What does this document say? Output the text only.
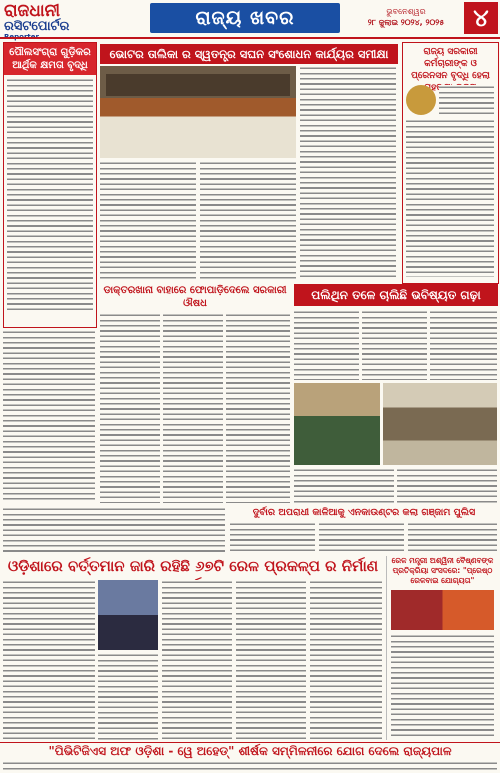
ରାଜଧାନୀ
ରସିଟପୋର୍ଟର	ରାଜ୍ୟ ଖବର	ଭୁବନେଶ୍ୱର
୨୮ ଜୁଲାଇ ୨୦୨୪, ୨୦୨୫	୪
ପୌଲସଂଗ୍ରା ଗୁଡ଼ିକର ଆର୍ଥିକ କ୍ଷମତା ବୃଦ୍ଧି
ଭୋଟର ତାଲିକା ର ସ୍ୱତନ୍ତ୍ର ସଘନ ସଂଶୋଧନ କାର୍ଯ୍ୟର ସମୀକ୍ଷା	ରାଜ୍ୟ ସରକାରୀ କର୍ମଚାରୀଙ୍କ ଓ ପ୍ରେନସନ ବୃଦ୍ଧି ହେଲା
ଡାକ୍ତରଖାନା ବାହାରେ ଫୋପାଡ଼ିଦେଲେ ସରକାରୀ ଔଷଧ
ପଲିଥିନ ତଳେ ଚାଲିଛି ଭବିଷ୍ୟତ ଗଢ଼ା
ଦୁର୍ବାର ଅପରାଧୀ କାଳିଆକୁ ଏନକାଉଣ୍ଟର କଲା ଗଞ୍ଜାମ ପୁଲିସ
ଓଡ଼ିଶାରେ ବର୍ତ୍ତମାନ ଜାରି ରହିଛି ୬୭ଟି ରେଳ ପ୍ରକଳ୍ପ ର ନିର୍ମାଣ	ରେଳ ମନ୍ତ୍ରୀ ଅଶ୍ୱିନୀ ବୈଷ୍ଣବଙ୍କ ପ୍ରତିକ୍ରିୟା ସଂସଦରେ: "ପ୍ରେଷ୍ଠ ରେଳବାଇ ଯୋଗ୍ୟତା"
"ପିଭିଟିଜିଏସ ଅଫ ଓଡ଼ିଶା - ୱେ ଅହେଡ୍" ଶୀର୍ଷକ ସମ୍ମିଳନୀରେ ଯୋଗ ଦେଲେ ରାଜ୍ୟପାଳ
